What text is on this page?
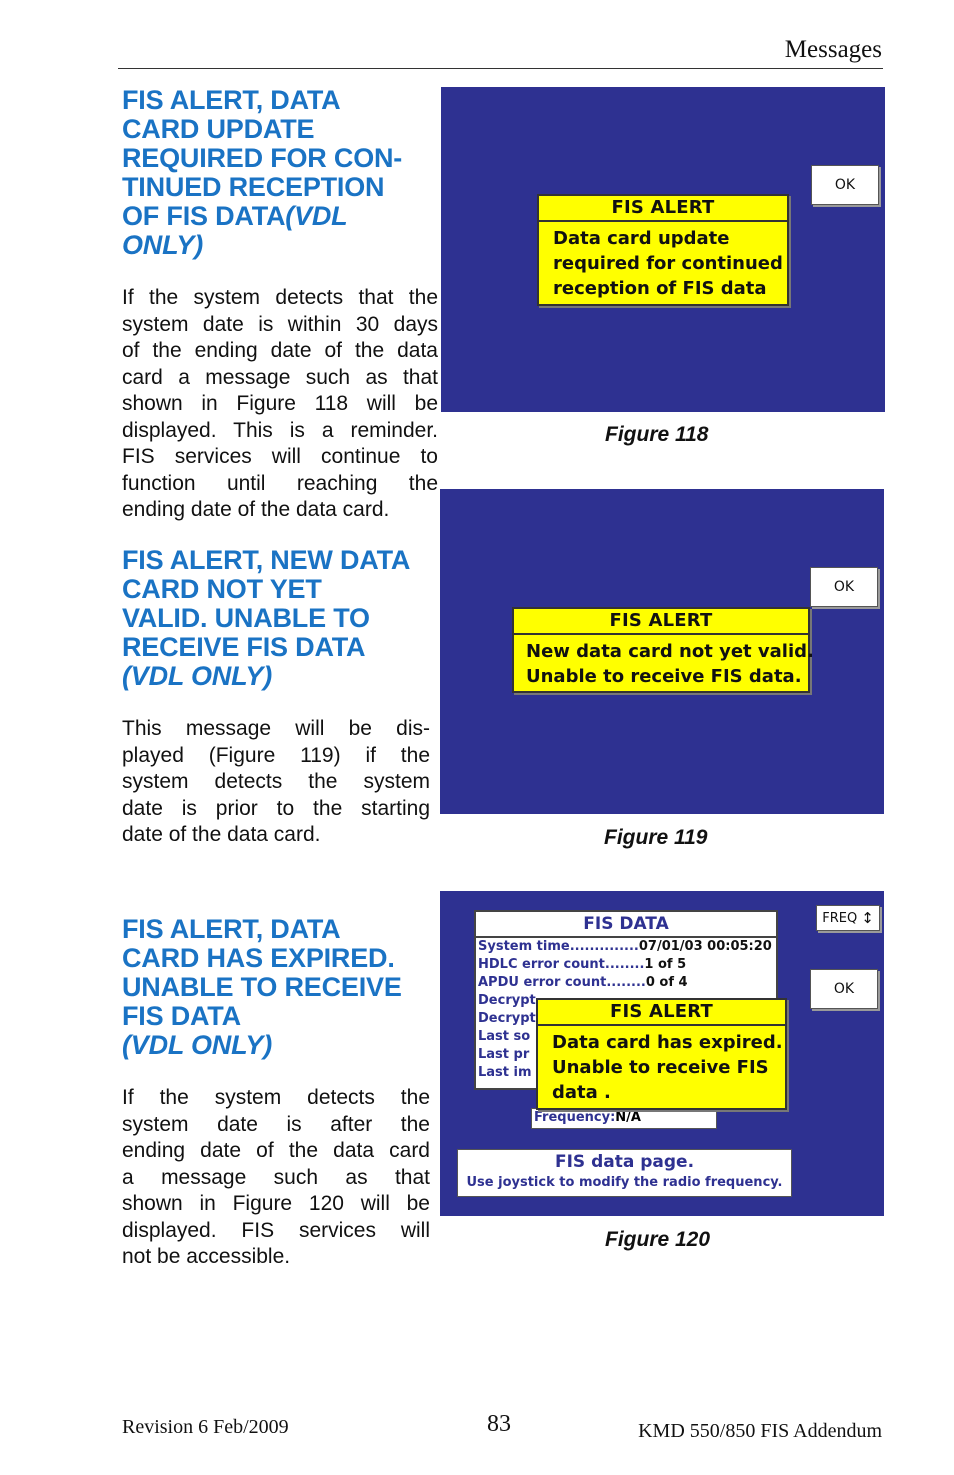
Messages
FIS ALERT, DATA
CARD UPDATE
REQUIRED FOR CON-
TINUED RECEPTION
OF FIS DATA(VDL
ONLY)
If the system detects that the
system date is within 30 days
of the ending date of the data
card a message such as that
shown in Figure 118 will be
displayed. This is a reminder.
FIS services will continue to
function until reaching the
ending date of the data card.
FIS ALERT, NEW DATA
CARD NOT YET
VALID. UNABLE TO
RECEIVE FIS DATA
(VDL ONLY)
This message will be dis-
played (Figure 119) if the
system detects the system
date is prior to the starting
date of the data card.
FIS ALERT, DATA
CARD HAS EXPIRED.
UNABLE TO RECEIVE
FIS DATA
(VDL ONLY)
If the system detects the
system date is after the
ending date of the data card
a message such as that
shown in Figure 120 will be
displayed. FIS services will
not be accessible.
OK
FIS ALERT
Data card update
required for continued
reception of FIS data
Figure 118
OK
FIS ALERT
New data card not yet valid.
Unable to receive FIS data.
Figure 119
FIS DATA
System time..............07/01/03 00:05:20
HDLC error count........1 of 5
APDU error count........0 of 4
Decrypt
Decrypt
Last so
Last pr
Last im
Frequency:N/A
FREQ ↕
OK
FIS ALERT
Data card has expired.
Unable to receive FIS
data .
FIS data page.
Use joystick to modify the radio frequency.
Figure 120
Revision 6 Feb/2009	83	KMD 550/850 FIS Addendum
